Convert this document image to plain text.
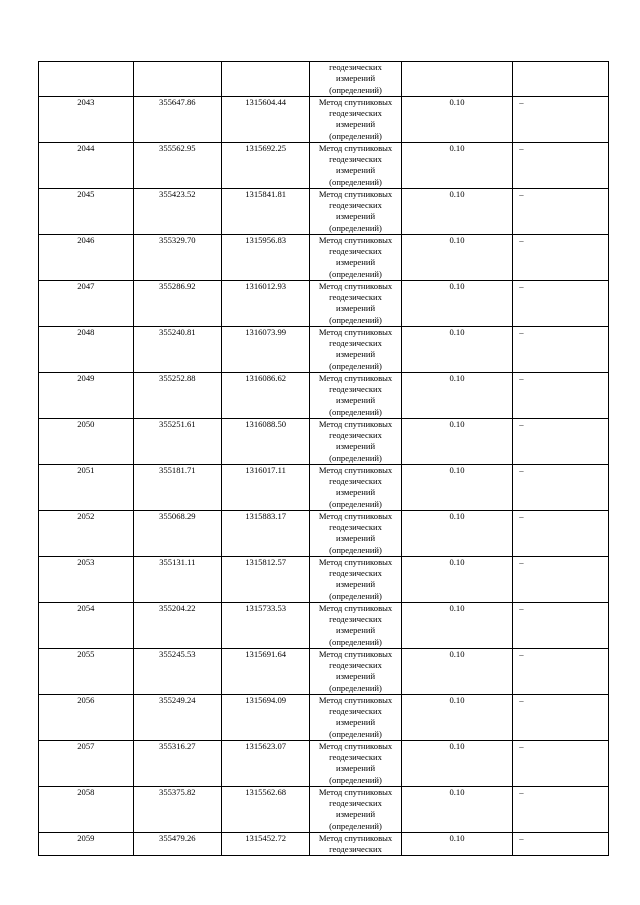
			геодезических
измерений
(определений)		
2043	355647.86	1315604.44	Метод спутниковых
геодезических
измерений
(определений)	0.10	–
2044	355562.95	1315692.25	Метод спутниковых
геодезических
измерений
(определений)	0.10	–
2045	355423.52	1315841.81	Метод спутниковых
геодезических
измерений
(определений)	0.10	–
2046	355329.70	1315956.83	Метод спутниковых
геодезических
измерений
(определений)	0.10	–
2047	355286.92	1316012.93	Метод спутниковых
геодезических
измерений
(определений)	0.10	–
2048	355240.81	1316073.99	Метод спутниковых
геодезических
измерений
(определений)	0.10	–
2049	355252.88	1316086.62	Метод спутниковых
геодезических
измерений
(определений)	0.10	–
2050	355251.61	1316088.50	Метод спутниковых
геодезических
измерений
(определений)	0.10	–
2051	355181.71	1316017.11	Метод спутниковых
геодезических
измерений
(определений)	0.10	–
2052	355068.29	1315883.17	Метод спутниковых
геодезических
измерений
(определений)	0.10	–
2053	355131.11	1315812.57	Метод спутниковых
геодезических
измерений
(определений)	0.10	–
2054	355204.22	1315733.53	Метод спутниковых
геодезических
измерений
(определений)	0.10	–
2055	355245.53	1315691.64	Метод спутниковых
геодезических
измерений
(определений)	0.10	–
2056	355249.24	1315694.09	Метод спутниковых
геодезических
измерений
(определений)	0.10	–
2057	355316.27	1315623.07	Метод спутниковых
геодезических
измерений
(определений)	0.10	–
2058	355375.82	1315562.68	Метод спутниковых
геодезических
измерений
(определений)	0.10	–
2059	355479.26	1315452.72	Метод спутниковых
геодезических	0.10	–
